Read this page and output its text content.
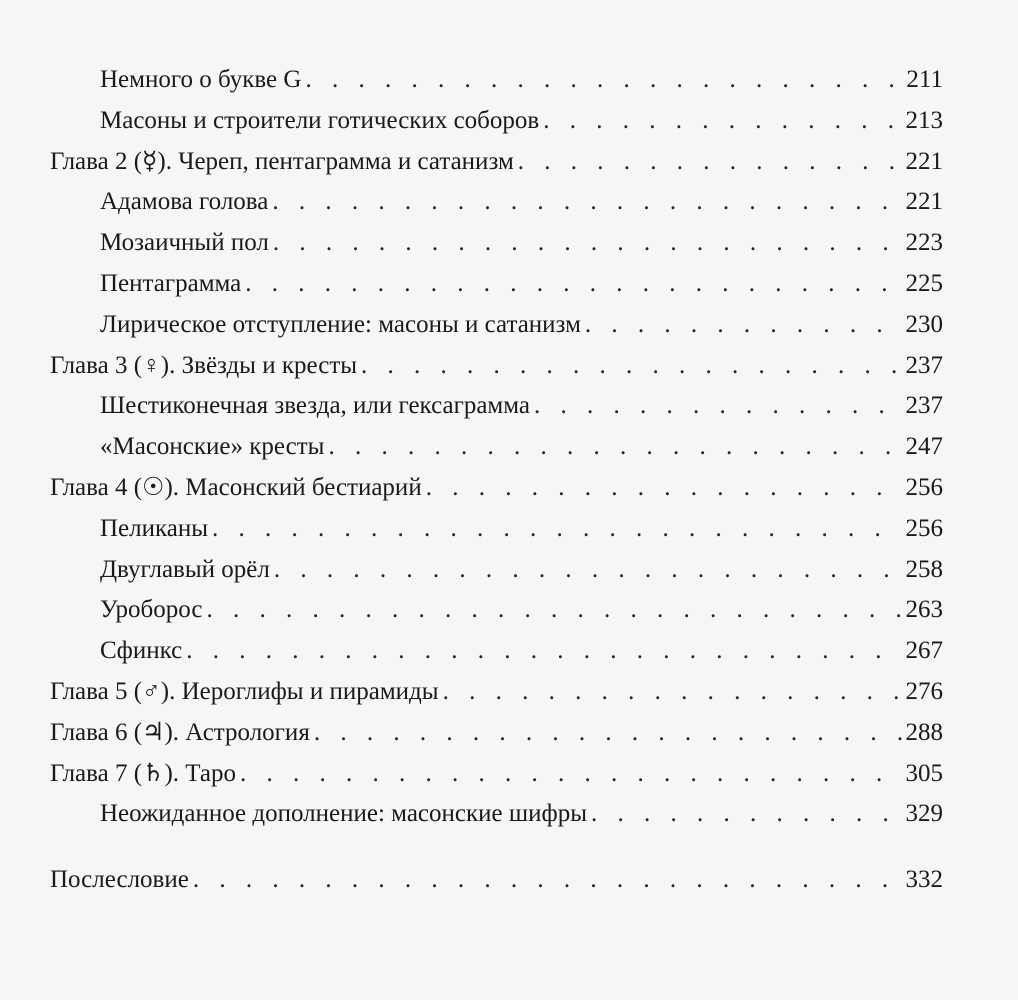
Немного о букве G . . .	211
Масоны и строители готических соборов . . .	213
Глава 2 (☿). Череп, пентаграмма и сатанизм . . .	221
Адамова голова . . .	221
Мозаичный пол . . .	223
Пентаграмма . . .	225
Лирическое отступление: масоны и сатанизм . . .	230
Глава 3 (♀). Звёзды и кресты . . .	237
Шестиконечная звезда, или гексаграмма . . .	237
«Масонские» кресты . . .	247
Глава 4 (☉). Масонский бестиарий . . .	256
Пеликаны . . .	256
Двуглавый орёл . . .	258
Уроборос . . .	263
Сфинкс . . .	267
Глава 5 (♂). Иероглифы и пирамиды . . .	276
Глава 6 (♃). Астрология . . .	288
Глава 7 (♄). Таро . . .	305
Неожиданное дополнение: масонские шифры . . .	329
Послесловие . . .	332
